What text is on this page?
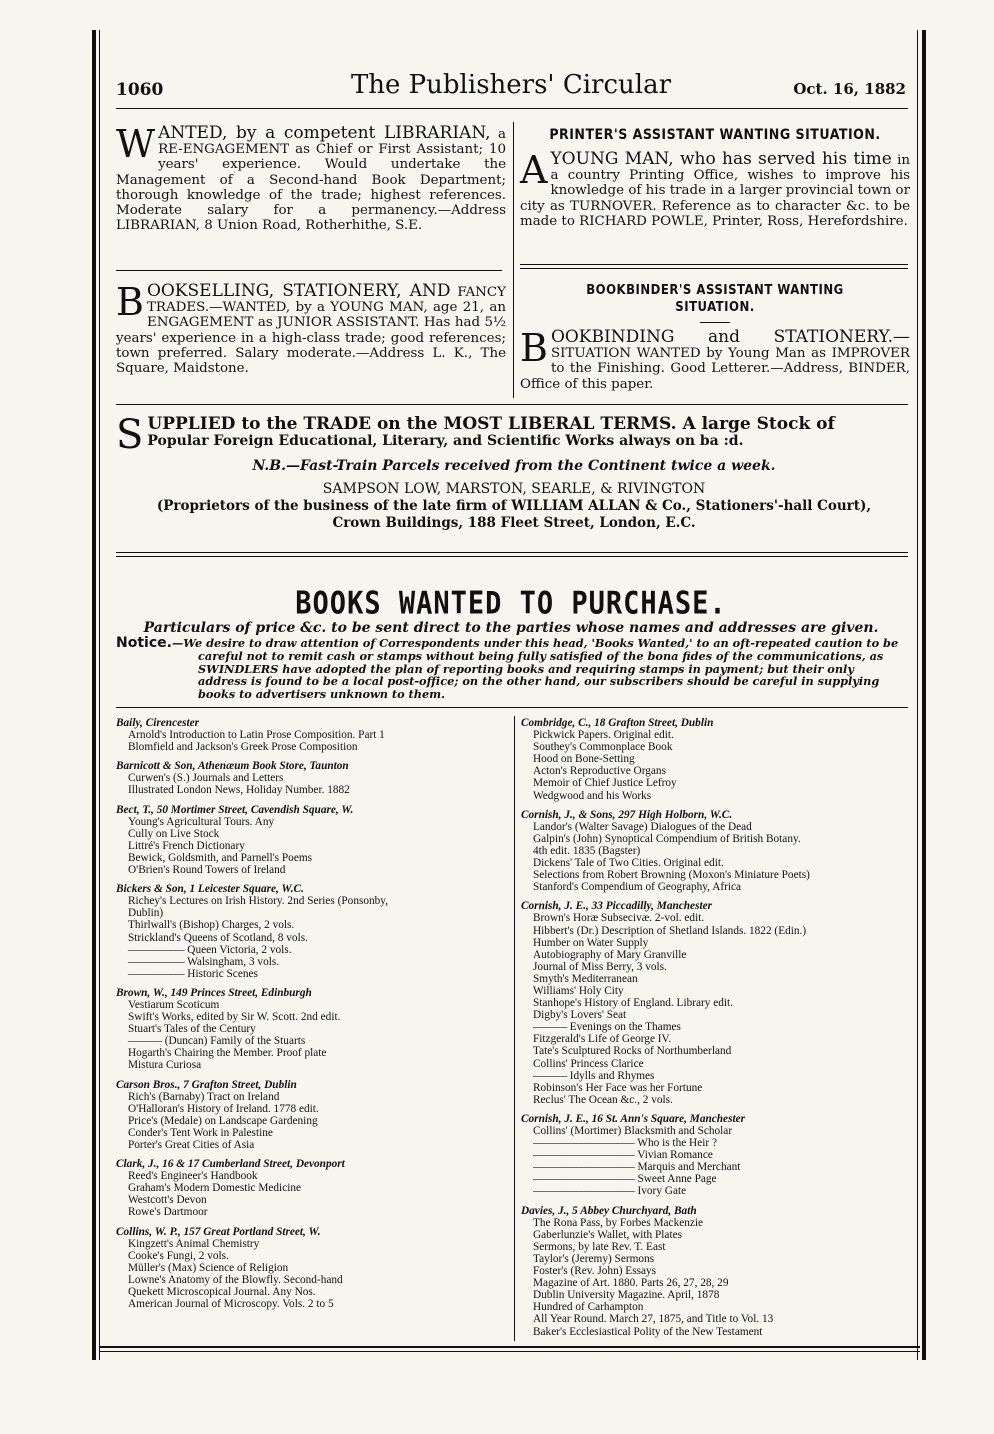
1060	The Publishers' Circular	Oct. 16, 1882
WANTED, by a competent LIBRARIAN, a RE-ENGAGEMENT as Chief or First Assistant; 10 years' experience. Would undertake the Management of a Second-hand Book Department; thorough knowledge of the trade; highest references. Moderate salary for a permanency.—Address LIBRARIAN, 8 Union Road, Rotherhithe, S.E.
BOOKSELLING, STATIONERY, AND FANCY TRADES.—WANTED, by a YOUNG MAN, age 21, an ENGAGEMENT as JUNIOR ASSISTANT. Has had 5½ years' experience in a high-class trade; good references; town preferred. Salary moderate.—Address L. K., The Square, Maidstone.
PRINTER'S ASSISTANT WANTING SITUATION.
AYOUNG MAN, who has served his time in a country Printing Office, wishes to improve his knowledge of his trade in a larger provincial town or city as TURNOVER. Reference as to character &c. to be made to RICHARD POWLE, Printer, Ross, Herefordshire.
BOOKBINDER'S ASSISTANT WANTING
SITUATION.
BOOKBINDING and STATIONERY.— SITUATION WANTED by Young Man as IMPROVER to the Finishing. Good Letterer.—Address, BINDER, Office of this paper.
S UPPLIED to the TRADE on the MOST LIBERAL TERMS. A large Stock of
Popular Foreign Educational, Literary, and Scientific Works always on ba :d.
N.B.—Fast-Train Parcels received from the Continent twice a week.
SAMPSON LOW, MARSTON, SEARLE, & RIVINGTON
(Proprietors of the business of the late firm of WILLIAM ALLAN & Co., Stationers'-hall Court),
Crown Buildings, 188 Fleet Street, London, E.C.
BOOKS WANTED TO PURCHASE.
Particulars of price &c. to be sent direct to the parties whose names and addresses are given.
Notice.—We desire to draw attention of Correspondents under this head, 'Books Wanted,' to an oft-repeated caution to be careful not to remit cash or stamps without being fully satisfied of the bona fides of the communications, as SWINDLERS have adopted the plan of reporting books and requiring stamps in payment; but their only address is found to be a local post-office; on the other hand, our subscribers should be careful in supplying books to advertisers unknown to them.
Baily, Cirencester
Arnold's Introduction to Latin Prose Composition. Part 1
Blomfield and Jackson's Greek Prose Composition
Barnicott & Son, Athenæum Book Store, Taunton
Curwen's (S.) Journals and Letters
Illustrated London News, Holiday Number. 1882
Bect, T., 50 Mortimer Street, Cavendish Square, W.
Young's Agricultural Tours. Any
Cully on Live Stock
Littré's French Dictionary
Bewick, Goldsmith, and Parnell's Poems
O'Brien's Round Towers of Ireland
Bickers & Son, 1 Leicester Square, W.C.
Richey's Lectures on Irish History. 2nd Series (Ponsonby,
Dublin)
Thirlwall's (Bishop) Charges, 2 vols.
Strickland's Queens of Scotland, 8 vols.
————— Queen Victoria, 2 vols.
————— Walsingham, 3 vols.
————— Historic Scenes
Brown, W., 149 Princes Street, Edinburgh
Vestiarum Scoticum
Swift's Works, edited by Sir W. Scott. 2nd edit.
Stuart's Tales of the Century
——— (Duncan) Family of the Stuarts
Hogarth's Chairing the Member. Proof plate
Mistura Curiosa
Carson Bros., 7 Grafton Street, Dublin
Rich's (Barnaby) Tract on Ireland
O'Halloran's History of Ireland. 1778 edit.
Price's (Medale) on Landscape Gardening
Conder's Tent Work in Palestine
Porter's Great Cities of Asia
Clark, J., 16 & 17 Cumberland Street, Devonport
Reed's Engineer's Handbook
Graham's Modern Domestic Medicine
Westcott's Devon
Rowe's Dartmoor
Collins, W. P., 157 Great Portland Street, W.
Kingzett's Animal Chemistry
Cooke's Fungi, 2 vols.
Müller's (Max) Science of Religion
Lowne's Anatomy of the Blowfly. Second-hand
Quekett Microscopical Journal. Any Nos.
American Journal of Microscopy. Vols. 2 to 5
Combridge, C., 18 Grafton Street, Dublin
Pickwick Papers. Original edit.
Southey's Commonplace Book
Hood on Bone-Setting
Acton's Reproductive Organs
Memoir of Chief Justice Lefroy
Wedgwood and his Works
Cornish, J., & Sons, 297 High Holborn, W.C.
Landor's (Walter Savage) Dialogues of the Dead
Galpin's (John) Synoptical Compendium of British Botany.
4th edit. 1835 (Bagster)
Dickens' Tale of Two Cities. Original edit.
Selections from Robert Browning (Moxon's Miniature Poets)
Stanford's Compendium of Geography, Africa
Cornish, J. E., 33 Piccadilly, Manchester
Brown's Horæ Subsecivæ. 2-vol. edit.
Hibbert's (Dr.) Description of Shetland Islands. 1822 (Edin.)
Humber on Water Supply
Autobiography of Mary Granville
Journal of Miss Berry, 3 vols.
Smyth's Mediterranean
Williams' Holy City
Stanhope's History of England. Library edit.
Digby's Lovers' Seat
——— Evenings on the Thames
Fitzgerald's Life of George IV.
Tate's Sculptured Rocks of Northumberland
Collins' Princess Clarice
——— Idylls and Rhymes
Robinson's Her Face was her Fortune
Reclus' The Ocean &c., 2 vols.
Cornish, J. E., 16 St. Ann's Square, Manchester
Collins' (Mortimer) Blacksmith and Scholar
————————— Who is the Heir ?
————————— Vivian Romance
————————— Marquis and Merchant
————————— Sweet Anne Page
————————— Ivory Gate
Davies, J., 5 Abbey Churchyard, Bath
The Rona Pass, by Forbes Mackenzie
Gaberlunzie's Wallet, with Plates
Sermons, by late Rev. T. East
Taylor's (Jeremy) Sermons
Foster's (Rev. John) Essays
Magazine of Art. 1880. Parts 26, 27, 28, 29
Dublin University Magazine. April, 1878
Hundred of Carhampton
All Year Round. March 27, 1875, and Title to Vol. 13
Baker's Ecclesiastical Polity of the New Testament
